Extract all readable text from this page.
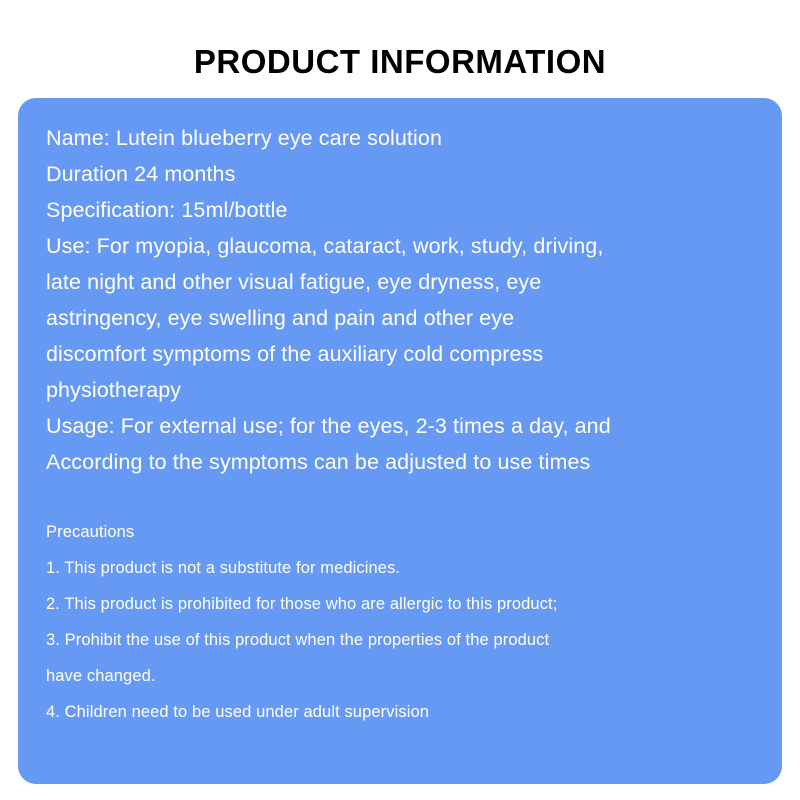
PRODUCT INFORMATION

Name: Lutein blueberry eye care solution

Duration 24 months

Specification: 15ml/bottle

Use: For myopia, glaucoma, cataract, work, study, driving,

late night and other visual fatigue, eye dryness, eye

astringency, eye swelling and pain and other eye

discomfort symptoms of the auxiliary cold compress

physiotherapy

Usage: For external use; for the eyes, 2-3 times a day, and

According to the symptoms can be adjusted to use times

Precautions

1. This product is not a substitute for medicines.

2. This product is prohibited for those who are allergic to this product;

3. Prohibit the use of this product when the properties of the product

have changed.

4. Children need to be used under adult supervision
